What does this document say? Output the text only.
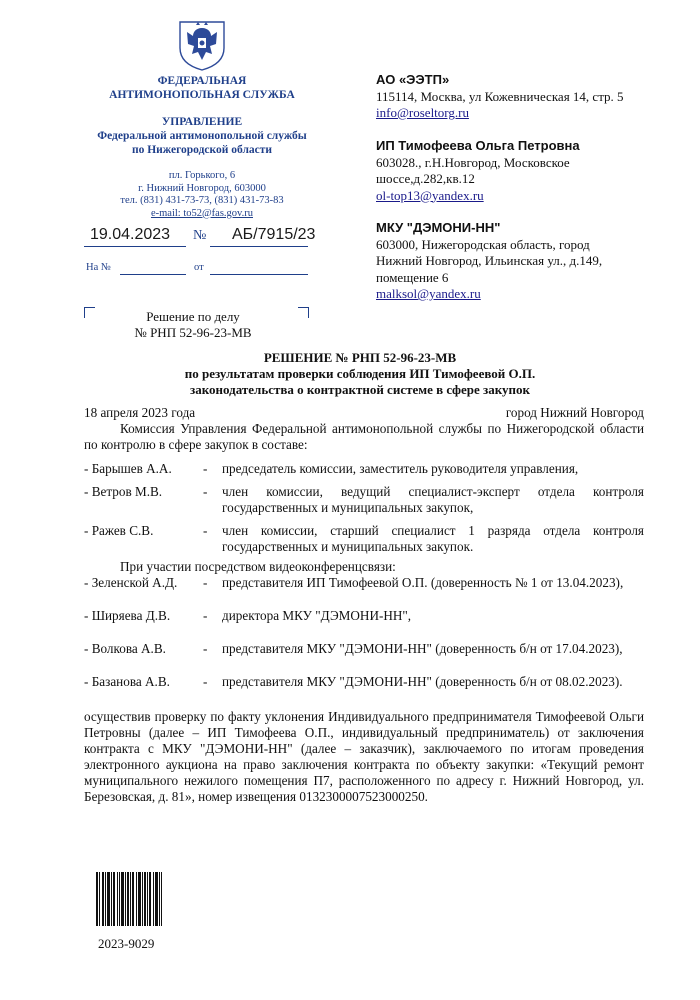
ФЕДЕРАЛЬНАЯ
АНТИМОНОПОЛЬНАЯ СЛУЖБА
УПРАВЛЕНИЕ
Федеральной антимонопольной службы
по Нижегородской области
пл. Горького, 6
г. Нижний Новгород, 603000
тел. (831) 431-73-73, (831) 431-73-83
e-mail: to52@fas.gov.ru
19.04.2023 № АБ/7915/23
На №	от
Решение по делу
№ РНП 52-96-23-МВ
АО «ЭЭТП»
115114, Москва, ул Кожевническая 14, стр. 5
info@roseltorg.ru
ИП Тимофеева Ольга Петровна
603028., г.Н.Новгород, Московское
шоссе,д.282,кв.12
ol-top13@yandex.ru
МКУ "ДЭМОНИ-НН"
603000, Нижегородская область, город
Нижний Новгород, Ильинская ул., д.149,
помещение 6
malksol@yandex.ru
РЕШЕНИЕ № РНП 52-96-23-МВ
по результатам проверки соблюдения ИП Тимофеевой О.П.
законодательства о контрактной системе в сфере закупок
18 апреля 2023 года	город Нижний Новгород
Комиссия Управления Федеральной антимонопольной службы по Нижегородской области по контролю в сфере закупок в составе:
- Барышев А.А.	- председатель комиссии, заместитель руководителя управления,
- Ветров М.В.	- член комиссии, ведущий специалист-эксперт отдела контроля государственных и муниципальных закупок,
- Ражев С.В.	- член комиссии, старший специалист 1 разряда отдела контроля государственных и муниципальных закупок.
При участии посредством видеоконференцсвязи:
- Зеленской А.Д.	- представителя ИП Тимофеевой О.П. (доверенность № 1 от 13.04.2023),
- Ширяева Д.В.	- директора МКУ "ДЭМОНИ-НН",
- Волкова А.В.	- представителя МКУ "ДЭМОНИ-НН" (доверенность б/н от 17.04.2023),
- Базанова А.В.	- представителя МКУ "ДЭМОНИ-НН" (доверенность б/н от 08.02.2023).
осуществив проверку по факту уклонения Индивидуального предпринимателя Тимофеевой Ольги Петровны (далее – ИП Тимофеева О.П., индивидуальный предприниматель) от заключения контракта с МКУ "ДЭМОНИ-НН" (далее – заказчик), заключаемого по итогам проведения электронного аукциона на право заключения контракта по объекту закупки: «Текущий ремонт муниципального нежилого помещения П7, расположенного по адресу г. Нижний Новгород, ул. Березовская, д. 81», номер извещения 0132300007523000250.
2023-9029
